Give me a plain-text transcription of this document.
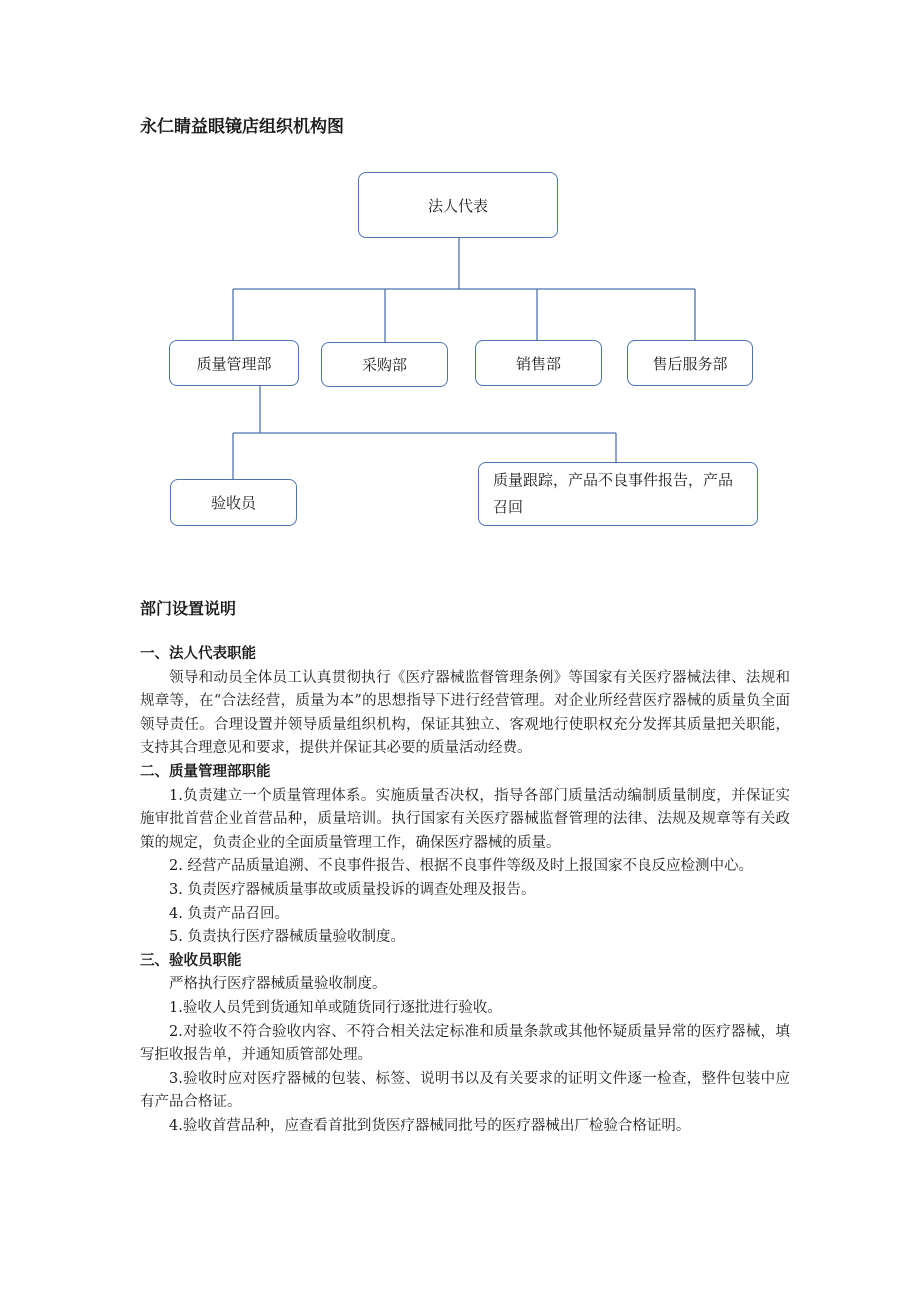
永仁睛益眼镜店组织机构图
法人代表
质量管理部	采购部	销售部	售后服务部
验收员
质量跟踪，产品不良事件报告，产品召回
部门设置说明
一、法人代表职能
领导和动员全体员工认真贯彻执行《医疗器械监督管理条例》等国家有关医疗器械法律、法规和规章等，在“合法经营，质量为本”的思想指导下进行经营管理。对企业所经营医疗器械的质量负全面领导责任。合理设置并领导质量组织机构，保证其独立、客观地行使职权充分发挥其质量把关职能，支持其合理意见和要求，提供并保证其必要的质量活动经费。
二、质量管理部职能
1.负责建立一个质量管理体系。实施质量否决权，指导各部门质量活动编制质量制度，并保证实施审批首营企业首营品种，质量培训。执行国家有关医疗器械监督管理的法律、法规及规章等有关政策的规定，负责企业的全面质量管理工作，确保医疗器械的质量。
2. 经营产品质量追溯、不良事件报告、根据不良事件等级及时上报国家不良反应检测中心。
3. 负责医疗器械质量事故或质量投诉的调查处理及报告。
4. 负责产品召回。
5. 负责执行医疗器械质量验收制度。
三、验收员职能
严格执行医疗器械质量验收制度。
1.验收人员凭到货通知单或随货同行逐批进行验收。
2.对验收不符合验收内容、不符合相关法定标准和质量条款或其他怀疑质量异常的医疗器械，填写拒收报告单，并通知质管部处理。
3.验收时应对医疗器械的包装、标签、说明书以及有关要求的证明文件逐一检查，整件包装中应有产品合格证。
4.验收首营品种，应查看首批到货医疗器械同批号的医疗器械出厂检验合格证明。
